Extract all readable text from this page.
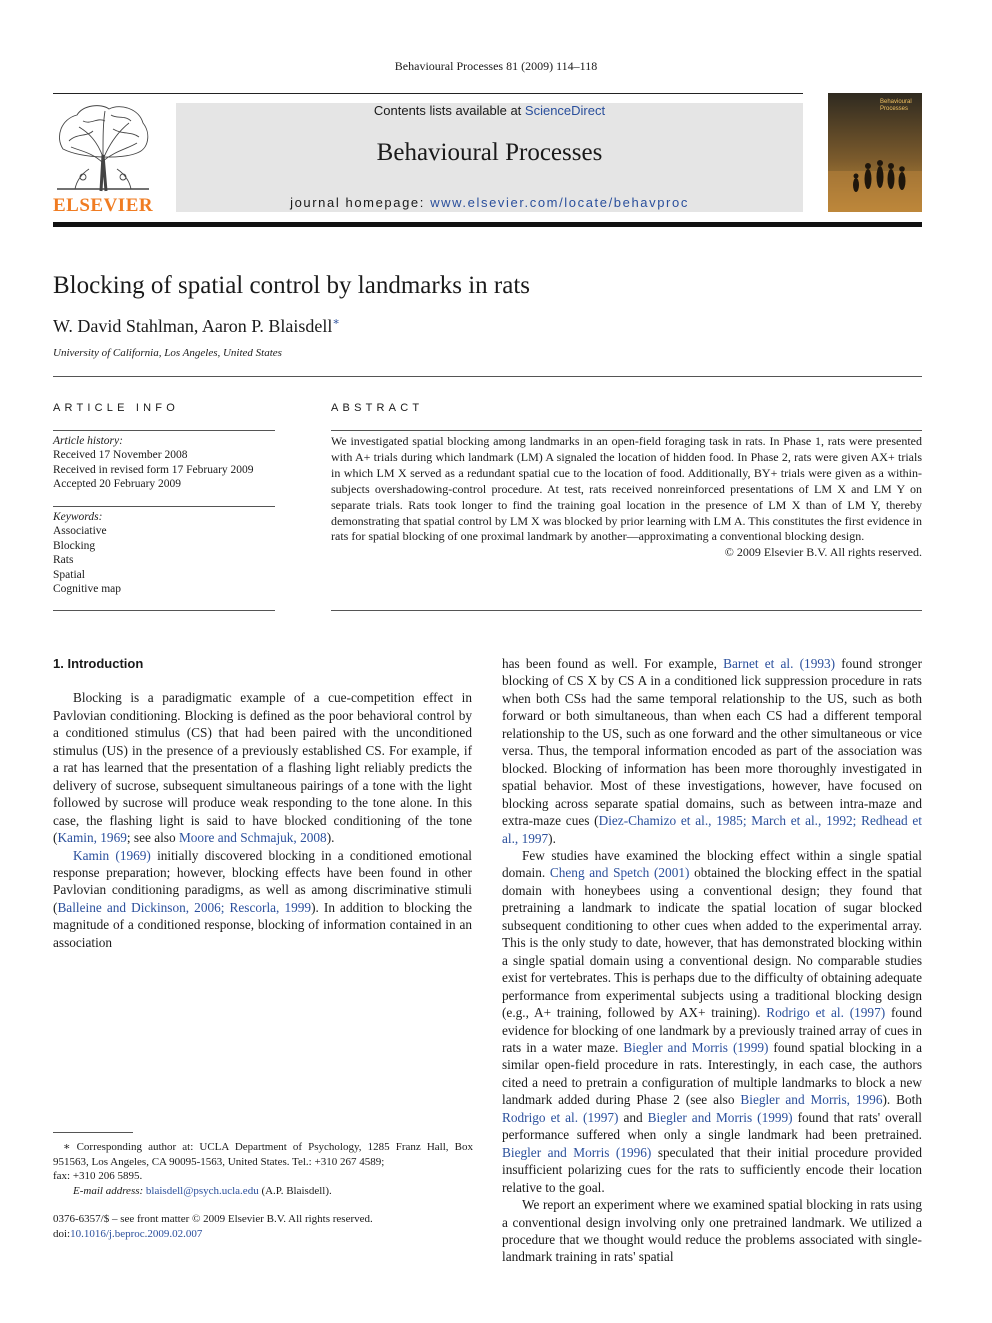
Behavioural Processes 81 (2009) 114–118
ELSEVIER
Contents lists available at ScienceDirect
Behavioural Processes
journal homepage: www.elsevier.com/locate/behavproc
Behavioural Processes
Blocking of spatial control by landmarks in rats
W. David Stahlman, Aaron P. Blaisdell∗
University of California, Los Angeles, United States
ARTICLE INFO
Article history:
Received 17 November 2008
Received in revised form 17 February 2009
Accepted 20 February 2009
Keywords:
Associative
Blocking
Rats
Spatial
Cognitive map
ABSTRACT
We investigated spatial blocking among landmarks in an open-field foraging task in rats. In Phase 1, rats were presented with A+ trials during which landmark (LM) A signaled the location of hidden food. In Phase 2, rats were given AX+ trials in which LM X served as a redundant spatial cue to the location of food. Additionally, BY+ trials were given as a within-subjects overshadowing-control procedure. At test, rats received nonreinforced presentations of LM X and LM Y on separate trials. Rats took longer to find the training goal location in the presence of LM X than of LM Y, thereby demonstrating that spatial control by LM X was blocked by prior learning with LM A. This constitutes the first evidence in rats for spatial blocking of one proximal landmark by another—approximating a conventional blocking design.
© 2009 Elsevier B.V. All rights reserved.
1. Introduction

Blocking is a paradigmatic example of a cue-competition effect in Pavlovian conditioning. Blocking is defined as the poor behavioral control by a conditioned stimulus (CS) that had been paired with the unconditioned stimulus (US) in the presence of a previously established CS. For example, if a rat has learned that the presentation of a flashing light reliably predicts the delivery of sucrose, subsequent simultaneous pairings of a tone with the light followed by sucrose will produce weak responding to the tone alone. In this case, the flashing light is said to have blocked conditioning of the tone (Kamin, 1969; see also Moore and Schmajuk, 2008).

Kamin (1969) initially discovered blocking in a conditioned emotional response preparation; however, blocking effects have been found in other Pavlovian conditioning paradigms, as well as among discriminative stimuli (Balleine and Dickinson, 2006; Rescorla, 1999). In addition to blocking the magnitude of a conditioned response, blocking of information contained in an association

has been found as well. For example, Barnet et al. (1993) found stronger blocking of CS X by CS A in a conditioned lick suppression procedure in rats when both CSs had the same temporal relationship to the US, such as both forward or both simultaneous, than when each CS had a different temporal relationship to the US, such as one forward and the other simultaneous or vice versa. Thus, the temporal information encoded as part of the association was blocked. Blocking of information has been more thoroughly investigated in spatial behavior. Most of these investigations, however, have focused on blocking across separate spatial domains, such as between intra-maze and extra-maze cues (Diez-Chamizo et al., 1985; March et al., 1992; Redhead et al., 1997).

Few studies have examined the blocking effect within a single spatial domain. Cheng and Spetch (2001) obtained the blocking effect in the spatial domain with honeybees using a conventional design; they found that pretraining a landmark to indicate the spatial location of sugar blocked subsequent conditioning to other cues when added to the experimental array. This is the only study to date, however, that has demonstrated blocking within a single spatial domain using a conventional design. No comparable studies exist for vertebrates. This is perhaps due to the difficulty of obtaining adequate performance from experimental subjects using a traditional blocking design (e.g., A+ training, followed by AX+ training). Rodrigo et al. (1997) found evidence for blocking of one landmark by a previously trained array of cues in rats in a water maze. Biegler and Morris (1999) found spatial blocking in a similar open-field procedure in rats. Interestingly, in each case, the authors cited a need to pretrain a configuration of multiple landmarks to block a new landmark added during Phase 2 (see also Biegler and Morris, 1996). Both Rodrigo et al. (1997) and Biegler and Morris (1999) found that rats' overall performance suffered when only a single landmark had been pretrained. Biegler and Morris (1996) speculated that their initial procedure provided insufficient polarizing cues for the rats to sufficiently encode their location relative to the goal.

We report an experiment where we examined spatial blocking in rats using a conventional design involving only one pretrained landmark. We utilized a procedure that we thought would reduce the problems associated with single-landmark training in rats' spatial

∗ Corresponding author at: UCLA Department of Psychology, 1285 Franz Hall, Box 951563, Los Angeles, CA 90095-1563, United States. Tel.: +310 267 4589;
fax: +310 206 5895.
E-mail address: blaisdell@psych.ucla.edu (A.P. Blaisdell).
0376-6357/$ – see front matter © 2009 Elsevier B.V. All rights reserved.
doi:10.1016/j.beproc.2009.02.007
